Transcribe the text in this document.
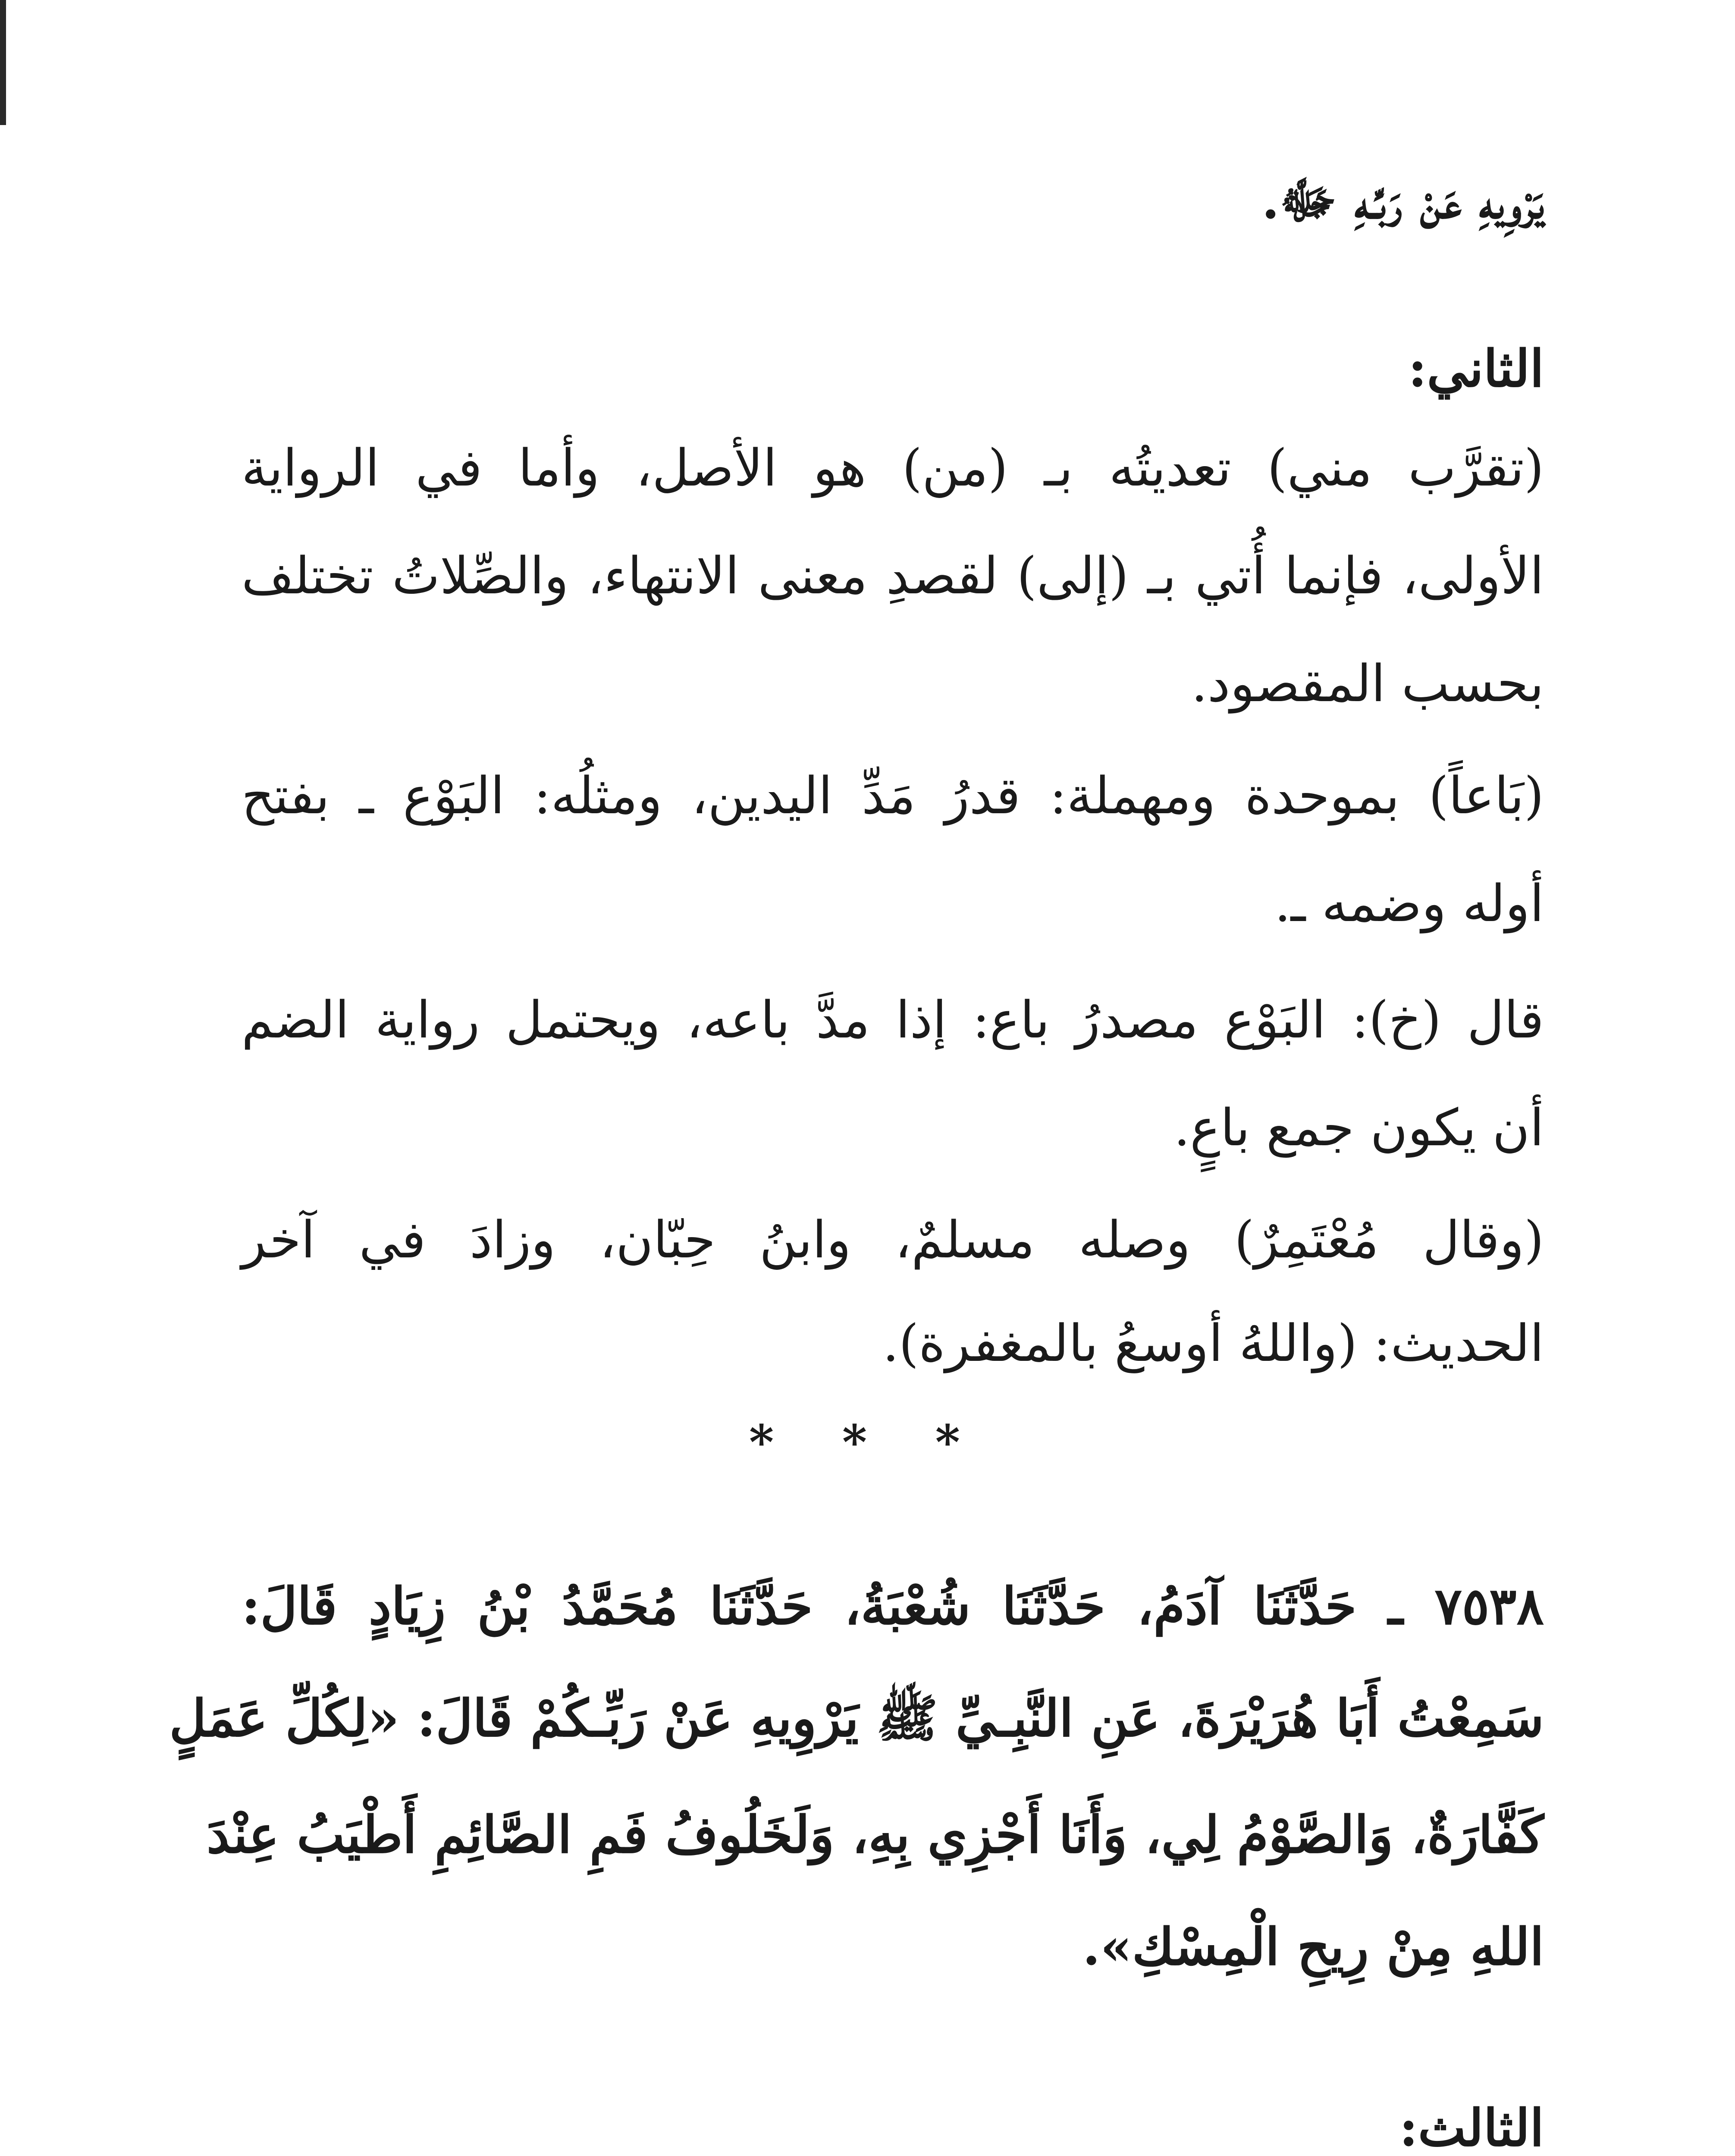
يَرْوِيهِ عَنْ رَبِّـهِ ﷻ.
الثاني:
(تقرَّب مني) تعديتُه بـ (من) هو الأصل، وأما في الرواية
الأولى، فإنما أُتي بـ (إلى) لقصدِ معنى الانتهاء، والصِّلاتُ تختلف
بحسب المقصود.
(بَاعاً) بموحدة ومهملة: قدرُ مَدِّ اليدين، ومثلُه: البَوْع ـ بفتح
أوله وضمه ـ.
قال (خ): البَوْع مصدرُ باع: إذا مدَّ باعه، ويحتمل رواية الضم
أن يكون جمع باعٍ.
(وقال مُعْتَمِرٌ) وصله مسلمٌ، وابنُ حِبّان، وزادَ في آخر
الحديث: (واللهُ أوسعُ بالمغفرة).
٧٥٣٨ ـ حَدَّثَنَا آدَمُ، حَدَّثَنَا شُعْبَةُ، حَدَّثَنَا مُحَمَّدُ بْنُ زِيَادٍ قَالَ:
سَمِعْتُ أَبَا هُرَيْرَةَ، عَنِ النَّبِـيِّ ﷺ يَرْوِيهِ عَنْ رَبِّـكُمْ قَالَ: «لِكُلِّ عَمَلٍ
كَفَّارَةٌ، وَالصَّوْمُ لِي، وَأَنَا أَجْزِي بِهِ، وَلَخَلُوفُ فَمِ الصَّائِمِ أَطْيَبُ عِنْدَ
اللهِ مِنْ رِيحِ الْمِسْكِ».
الثالث:
* * *
